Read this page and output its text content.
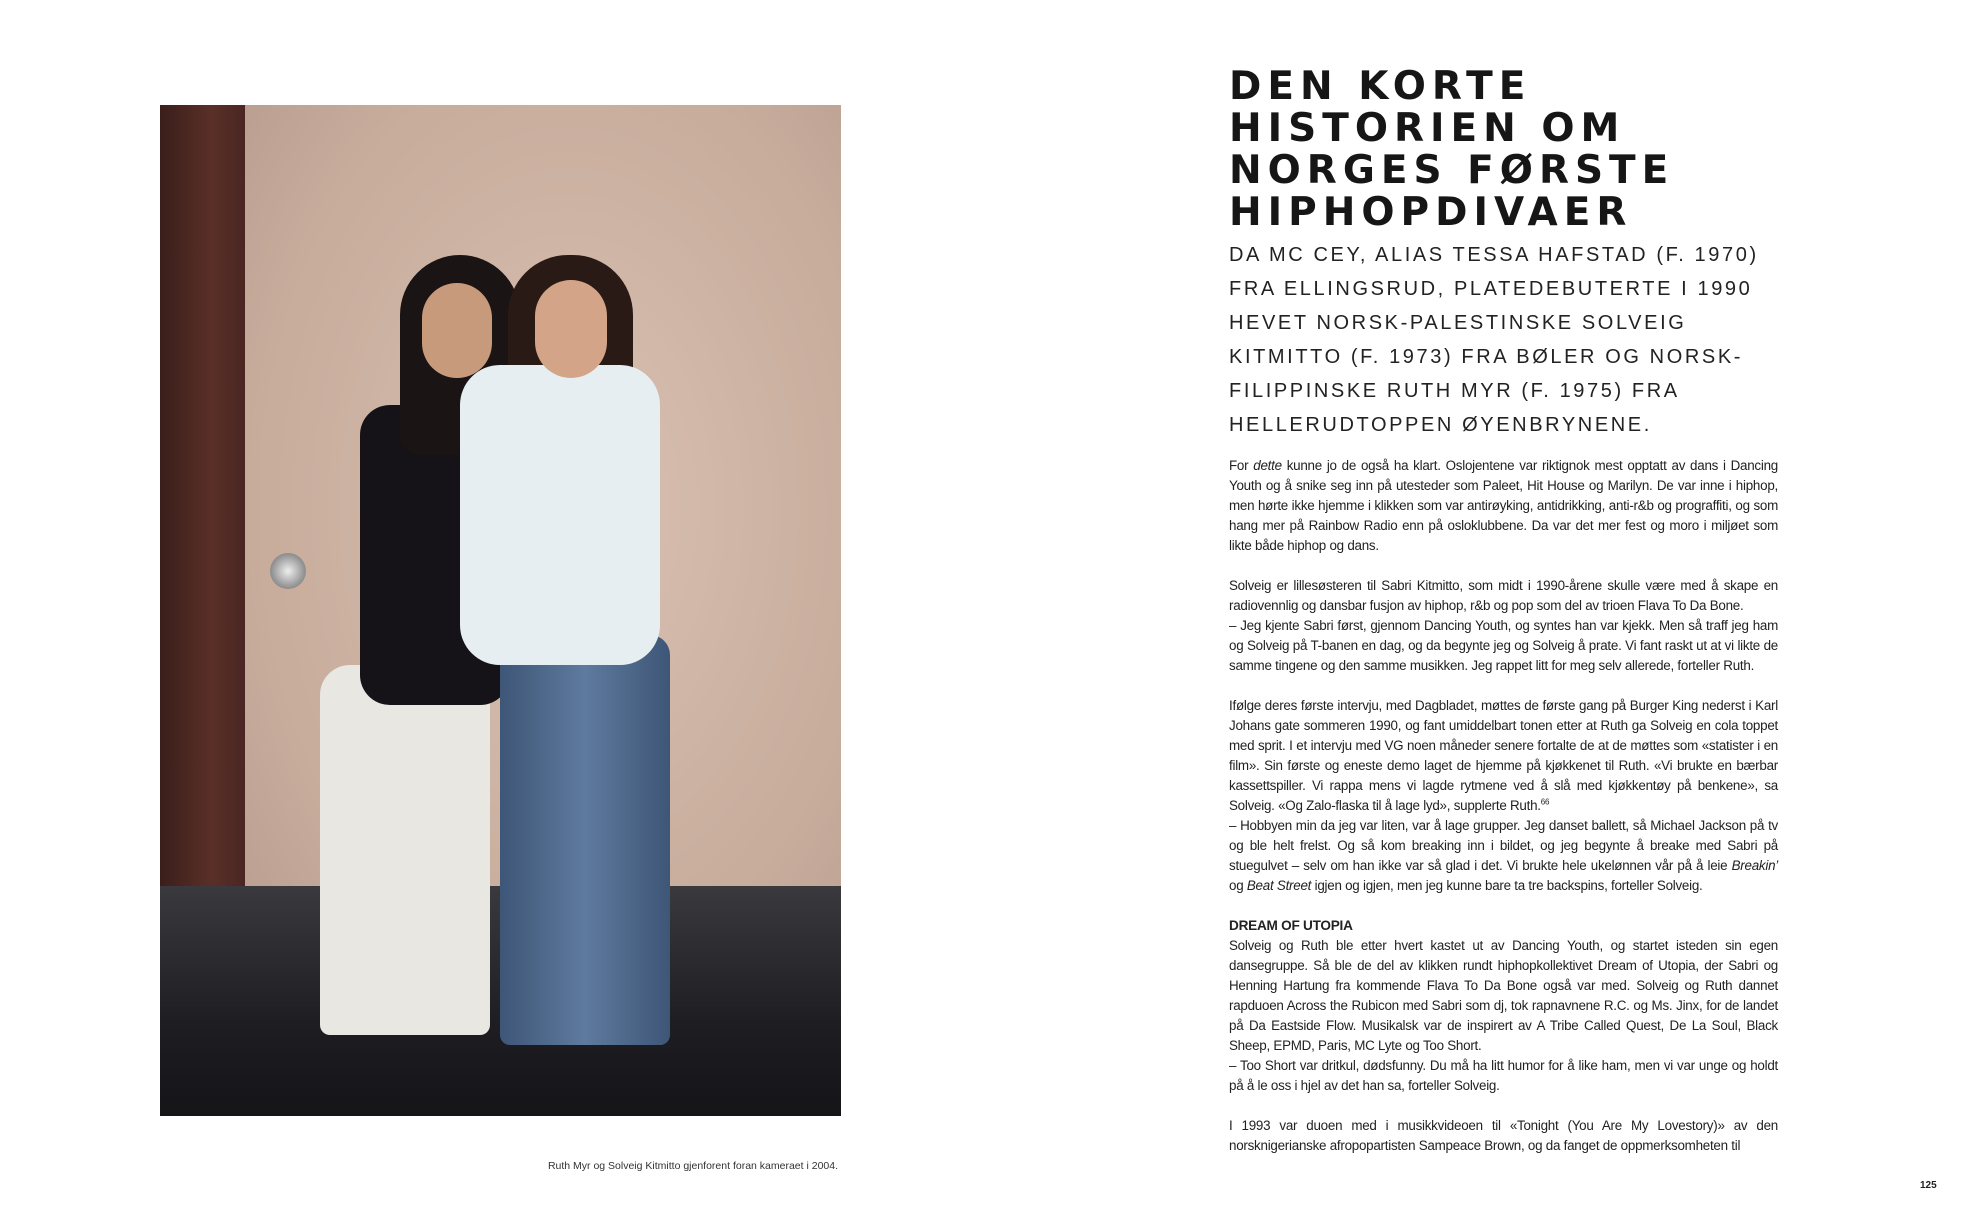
Ruth Myr og Solveig Kitmitto gjenforent foran kameraet i 2004.
DEN KORTE
HISTORIEN OM
NORGES FØRSTE
HIPHOPDIVAER
DA MC CEY, ALIAS TESSA HAFSTAD (F. 1970) FRA ELLINGSRUD, PLATEDEBUTERTE I 1990 HEVET NORSK-PALESTINSKE SOLVEIG KITMITTO (F. 1973) FRA BØLER OG NORSK-FILIPPINSKE RUTH MYR (F. 1975) FRA HELLERUDTOPPEN ØYENBRYNENE.

For dette kunne jo de også ha klart. Oslojentene var riktignok mest opptatt av dans i Dancing Youth og å snike seg inn på utesteder som Paleet, Hit House og Marilyn. De var inne i hiphop, men hørte ikke hjemme i klikken som var antirøyking, antidrikking, anti-r&b og prograffiti, og som hang mer på Rainbow Radio enn på osloklubbene. Da var det mer fest og moro i miljøet som likte både hiphop og dans.

Solveig er lillesøsteren til Sabri Kitmitto, som midt i 1990-årene skulle være med å skape en radiovennlig og dansbar fusjon av hiphop, r&b og pop som del av trioen Flava To Da Bone.

– Jeg kjente Sabri først, gjennom Dancing Youth, og syntes han var kjekk. Men så traff jeg ham og Solveig på T-banen en dag, og da begynte jeg og Solveig å prate. Vi fant raskt ut at vi likte de samme tingene og den samme musikken. Jeg rappet litt for meg selv allerede, forteller Ruth.

Ifølge deres første intervju, med Dagbladet, møttes de første gang på Burger King nederst i Karl Johans gate sommeren 1990, og fant umiddelbart tonen etter at Ruth ga Solveig en cola toppet med sprit. I et intervju med VG noen måneder senere fortalte de at de møttes som «statister i en film». Sin første og eneste demo laget de hjemme på kjøkkenet til Ruth. «Vi brukte en bærbar kassettspiller. Vi rappa mens vi lagde rytmene ved å slå med kjøkkentøy på benkene», sa Solveig. «Og Zalo-flaska til å lage lyd», supplerte Ruth.$^{66}$

– Hobbyen min da jeg var liten, var å lage grupper. Jeg danset ballett, så Michael Jackson på tv og ble helt frelst. Og så kom breaking inn i bildet, og jeg begynte å breake med Sabri på stuegulvet – selv om han ikke var så glad i det. Vi brukte hele ukelønnen vår på å leie Breakin’ og Beat Street igjen og igjen, men jeg kunne bare ta tre backspins, forteller Solveig.

DREAM OF UTOPIA

Solveig og Ruth ble etter hvert kastet ut av Dancing Youth, og startet isteden sin egen dansegruppe. Så ble de del av klikken rundt hiphopkollektivet Dream of Utopia, der Sabri og Henning Hartung fra kommende Flava To Da Bone også var med. Solveig og Ruth dannet rapduoen Across the Rubicon med Sabri som dj, tok rapnavnene R.C. og Ms. Jinx, for de landet på Da Eastside Flow. Musikalsk var de inspirert av A Tribe Called Quest, De La Soul, Black Sheep, EPMD, Paris, MC Lyte og Too Short.

– Too Short var dritkul, dødsfunny. Du må ha litt humor for å like ham, men vi var unge og holdt på å le oss i hjel av det han sa, forteller Solveig.

I 1993 var duoen med i musikkvideoen til «Tonight (You Are My Lovestory)» av den norsknigerianske afropopartisten Sampeace Brown, og da fanget de oppmerksomheten til

125
